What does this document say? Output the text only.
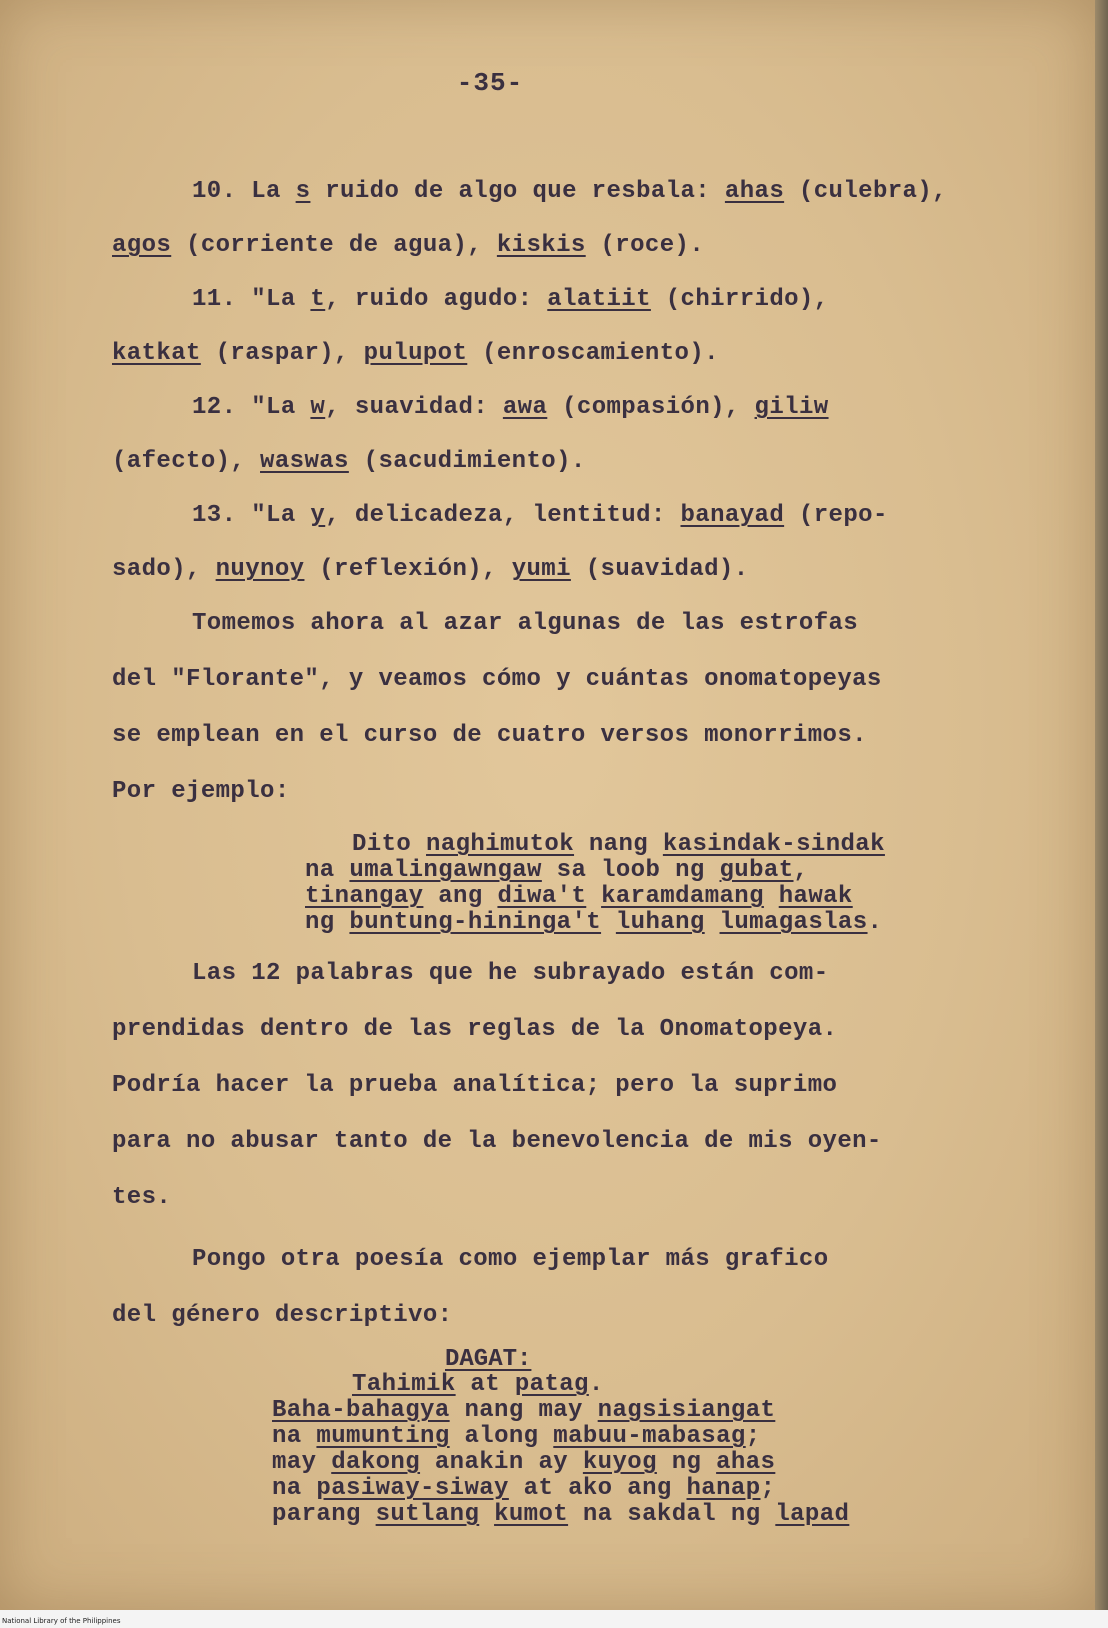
-35-
10. La s ruido de algo que resbala: ahas (culebra),
agos (corriente de agua), kiskis (roce).
11. "La t, ruido agudo: alatiit (chirrido),
katkat (raspar), pulupot (enroscamiento).
12. "La w, suavidad: awa (compasión), giliw
(afecto), waswas (sacudimiento).
13. "La y, delicadeza, lentitud: banayad (repo-
sado), nuynoy (reflexión), yumi (suavidad).
Tomemos ahora al azar algunas de las estrofas
del "Florante", y veamos cómo y cuántas onomatopeyas
se emplean en el curso de cuatro versos monorrimos.
Por ejemplo:
Las 12 palabras que he subrayado están com-
prendidas dentro de las reglas de la Onomatopeya.
Podría hacer la prueba analítica; pero la suprimo
para no abusar tanto de la benevolencia de mis oyen-
tes.
Pongo otra poesía como ejemplar más grafico
del género descriptivo:
Dito naghimutok nang kasindak-sindak
na umalingawngaw sa loob ng gubat,
tinangay ang diwa't karamdamang hawak
ng buntung-hininga't luhang lumagaslas.
DAGAT:
Tahimik at patag.
Baha-bahagya nang may nagsisiangat
na mumunting along mabuu-mabasag;
may dakong anakin ay kuyog ng ahas
na pasiway-siway at ako ang hanap;
parang sutlang kumot na sakdal ng lapad
National Library of the Philippines
